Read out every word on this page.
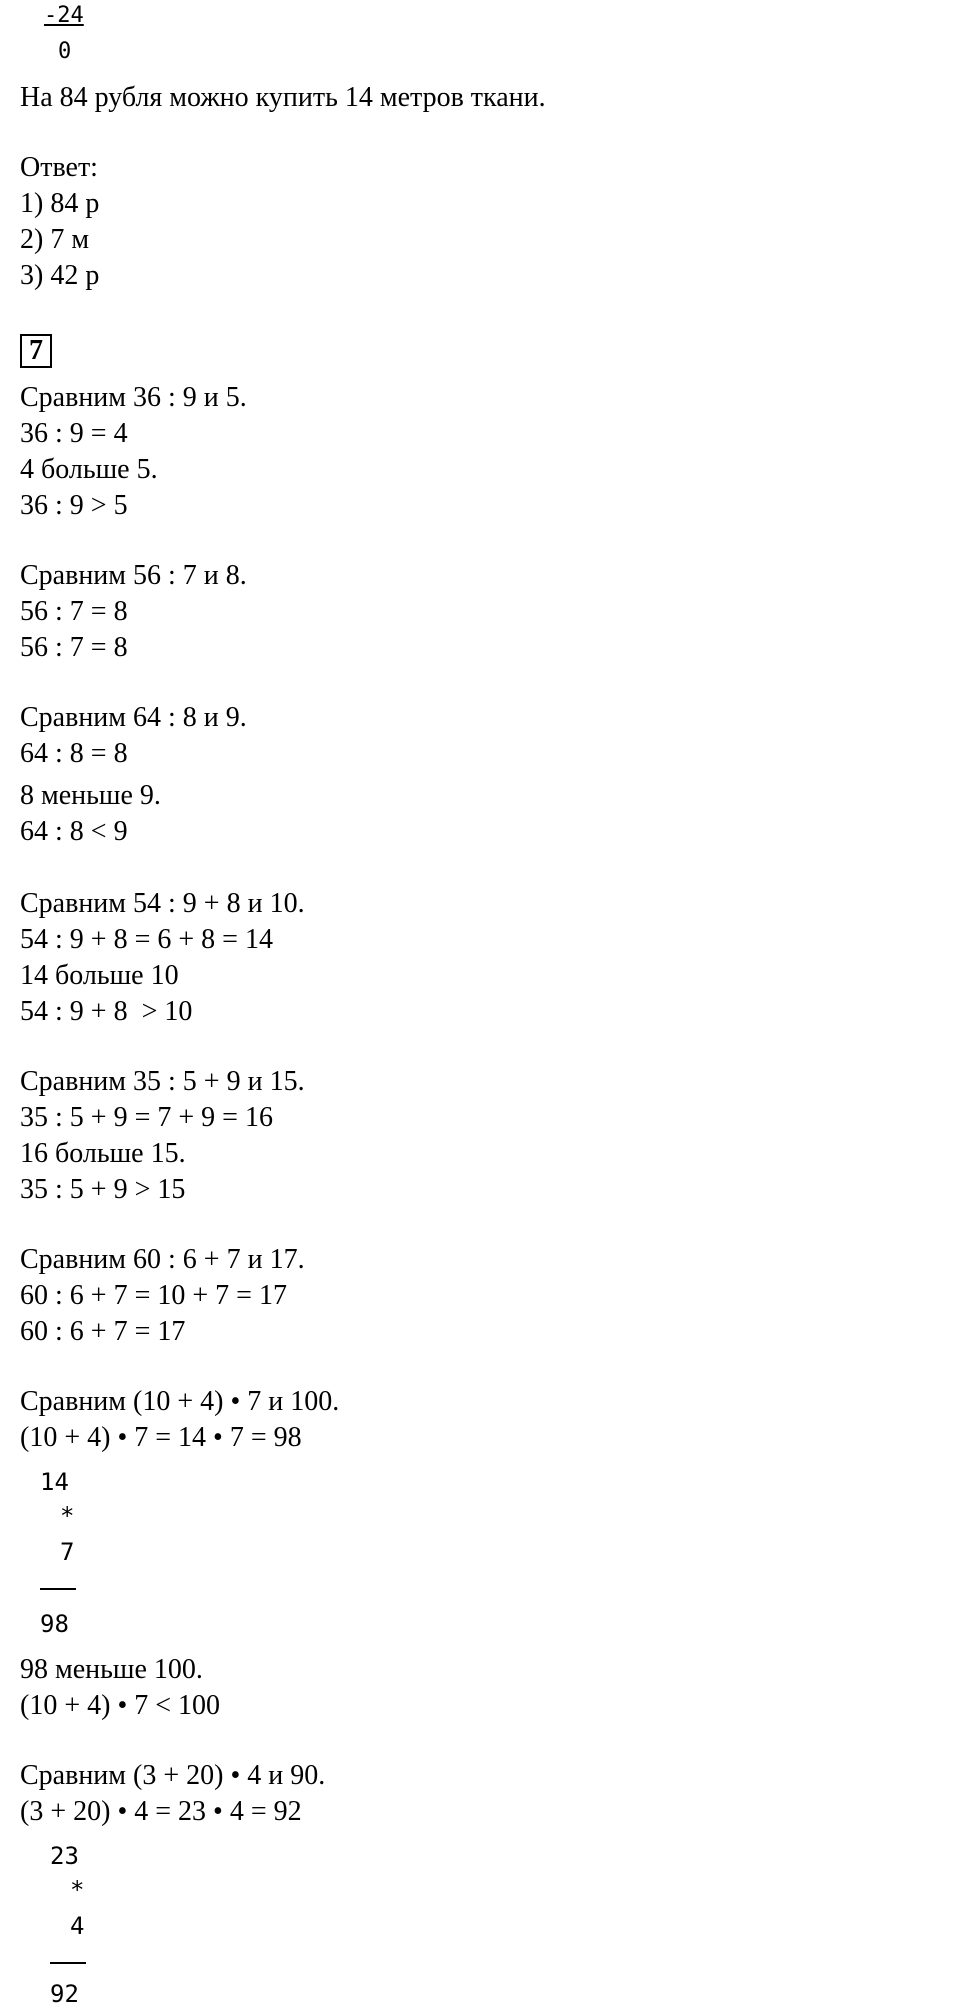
-24
0
На 84 рубля можно купить 14 метров ткани.
Ответ:
1) 84 р
2) 7 м
3) 42 р
7
Сравним 36 : 9 и 5.
36 : 9 = 4
4 больше 5.
36 : 9 > 5
Сравним 56 : 7 и 8.
56 : 7 = 8
56 : 7 = 8
Сравним 64 : 8 и 9.
64 : 8 = 8
8 меньше 9.
64 : 8 < 9
Сравним 54 : 9 + 8 и 10.
54 : 9 + 8 = 6 + 8 = 14
14 больше 10
54 : 9 + 8  > 10
Сравним 35 : 5 + 9 и 15.
35 : 5 + 9 = 7 + 9 = 16
16 больше 15.
35 : 5 + 9 > 15
Сравним 60 : 6 + 7 и 17.
60 : 6 + 7 = 10 + 7 = 17
60 : 6 + 7 = 17
Сравним (10 + 4) • 7 и 100.
(10 + 4) • 7 = 14 • 7 = 98
14
*
7
98
98 меньше 100.
(10 + 4) • 7 < 100
Сравним (3 + 20) • 4 и 90.
(3 + 20) • 4 = 23 • 4 = 92
23
*
4
92
